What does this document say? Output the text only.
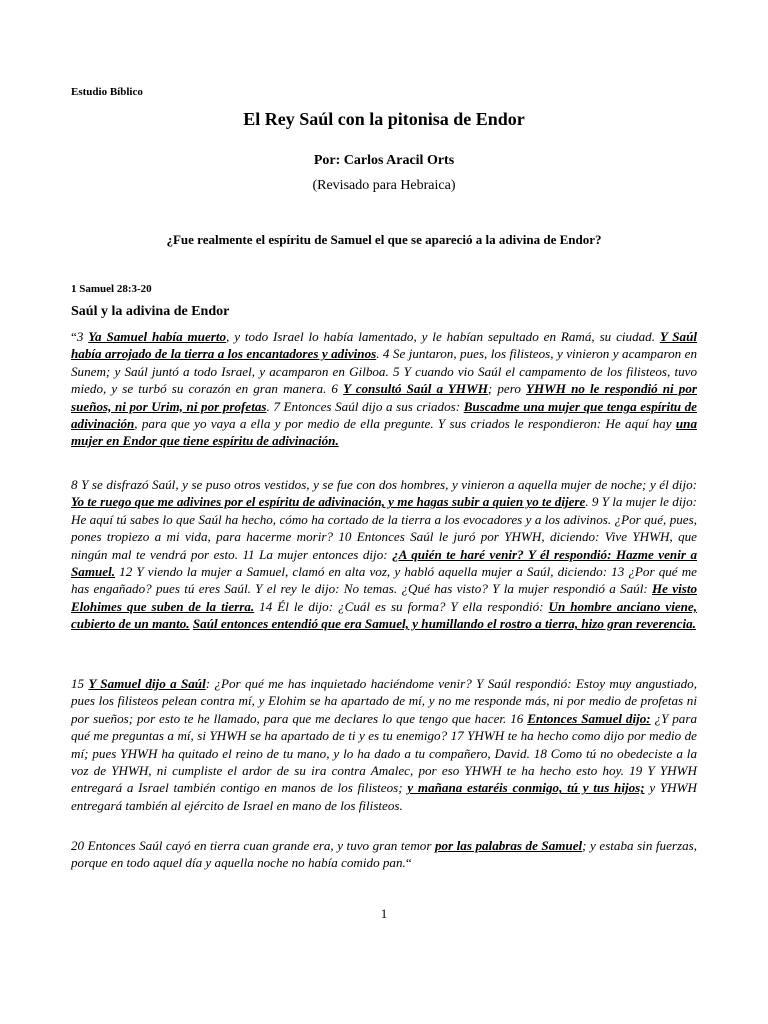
Estudio Bíblico
El Rey Saúl con la pitonisa de Endor
Por: Carlos Aracil Orts
(Revisado para Hebraica)
¿Fue realmente el espíritu de Samuel el que se apareció a la adivina de Endor?
1 Samuel 28:3-20
Saúl y la adivina de Endor
“3 Ya Samuel había muerto, y todo Israel lo había lamentado, y le habían sepultado en Ramá, su ciudad. Y Saúl había arrojado de la tierra a los encantadores y adivinos. 4 Se juntaron, pues, los filisteos, y vinieron y acamparon en Sunem; y Saúl juntó a todo Israel, y acamparon en Gilboa. 5 Y cuando vio Saúl el campamento de los filisteos, tuvo miedo, y se turbó su corazón en gran manera. 6 Y consultó Saúl a YHWH; pero YHWH no le respondió ni por sueños, ni por Urim, ni por profetas. 7 Entonces Saúl dijo a sus criados: Buscadme una mujer que tenga espíritu de adivinación, para que yo vaya a ella y por medio de ella pregunte. Y sus criados le respondieron: He aquí hay una mujer en Endor que tiene espíritu de adivinación.
8 Y se disfrazó Saúl, y se puso otros vestidos, y se fue con dos hombres, y vinieron a aquella mujer de noche; y él dijo: Yo te ruego que me adivines por el espíritu de adivinación, y me hagas subir a quien yo te dijere. 9 Y la mujer le dijo: He aquí tú sabes lo que Saúl ha hecho, cómo ha cortado de la tierra a los evocadores y a los adivinos. ¿Por qué, pues, pones tropiezo a mi vida, para hacerme morir? 10 Entonces Saúl le juró por YHWH, diciendo: Vive YHWH, que ningún mal te vendrá por esto. 11 La mujer entonces dijo: ¿A quién te haré venir? Y él respondió: Hazme venir a Samuel. 12 Y viendo la mujer a Samuel, clamó en alta voz, y habló aquella mujer a Saúl, diciendo: 13 ¿Por qué me has engañado? pues tú eres Saúl. Y el rey le dijo: No temas. ¿Qué has visto? Y la mujer respondió a Saúl: He visto Elohimes que suben de la tierra. 14 Él le dijo: ¿Cuál es su forma? Y ella respondió: Un hombre anciano viene, cubierto de un manto. Saúl entonces entendió que era Samuel, y humillando el rostro a tierra, hizo gran reverencia.
15 Y Samuel dijo a Saúl: ¿Por qué me has inquietado haciéndome venir? Y Saúl respondió: Estoy muy angustiado, pues los filisteos pelean contra mí, y Elohim se ha apartado de mí, y no me responde más, ni por medio de profetas ni por sueños; por esto te he llamado, para que me declares lo que tengo que hacer. 16 Entonces Samuel dijo: ¿Y para qué me preguntas a mí, si YHWH se ha apartado de ti y es tu enemigo? 17 YHWH te ha hecho como dijo por medio de mí; pues YHWH ha quitado el reino de tu mano, y lo ha dado a tu compañero, David. 18 Como tú no obedeciste a la voz de YHWH, ni cumpliste el ardor de su ira contra Amalec, por eso YHWH te ha hecho esto hoy. 19 Y YHWH entregará a Israel también contigo en manos de los filisteos; y mañana estaréis conmigo, tú y tus hijos; y YHWH entregará también al ejército de Israel en mano de los filisteos.
20 Entonces Saúl cayó en tierra cuan grande era, y tuvo gran temor por las palabras de Samuel; y estaba sin fuerzas, porque en todo aquel día y aquella noche no había comido pan.“
1
